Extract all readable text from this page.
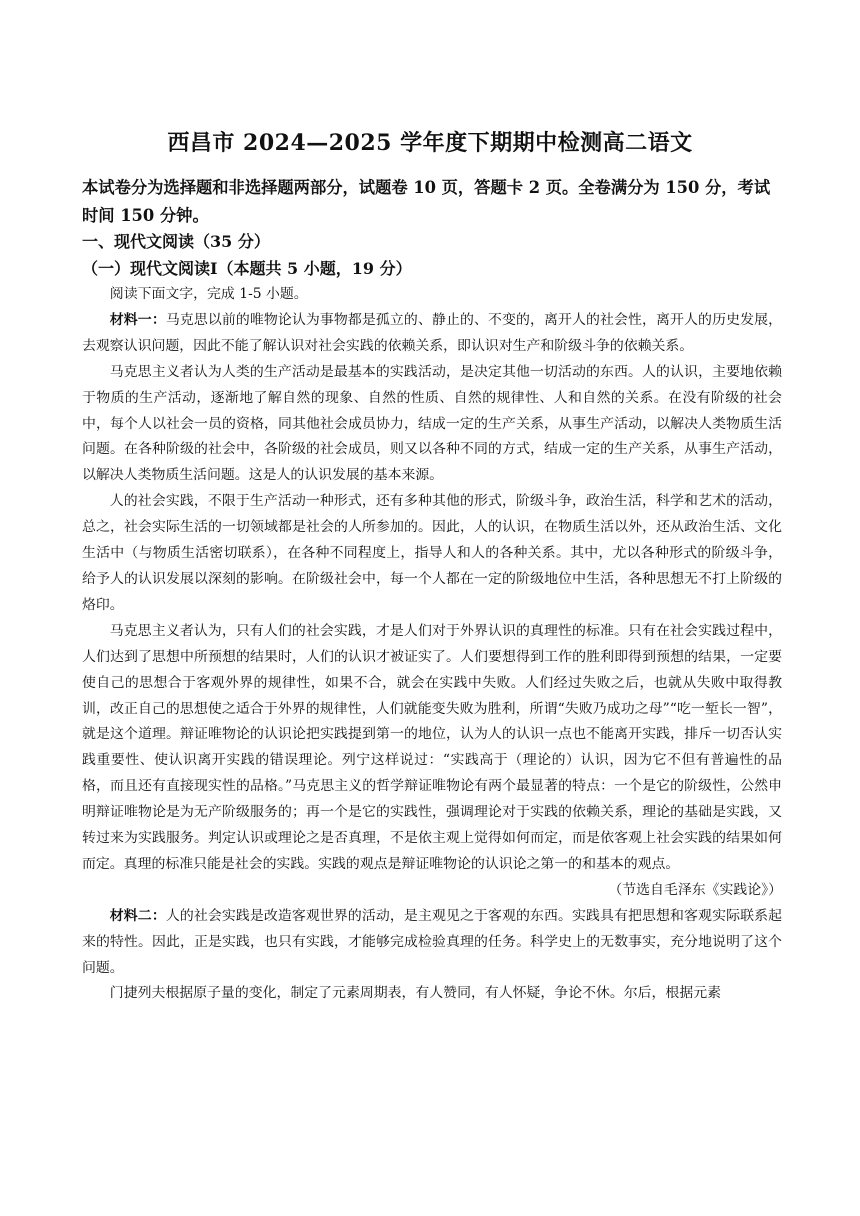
西昌市 2024—2025 学年度下期期中检测高二语文
本试卷分为选择题和非选择题两部分，试题卷 10 页，答题卡 2 页。全卷满分为 150 分，考试时间 150 分钟。
一、现代文阅读（35 分）
（一）现代文阅读Ⅰ（本题共 5 小题，19 分）

阅读下面文字，完成 1-5 小题。

材料一：马克思以前的唯物论认为事物都是孤立的、静止的、不变的，离开人的社会性，离开人的历史发展，去观察认识问题，因此不能了解认识对社会实践的依赖关系，即认识对生产和阶级斗争的依赖关系。

马克思主义者认为人类的生产活动是最基本的实践活动，是决定其他一切活动的东西。人的认识，主要地依赖于物质的生产活动，逐渐地了解自然的现象、自然的性质、自然的规律性、人和自然的关系。在没有阶级的社会中，每个人以社会一员的资格，同其他社会成员协力，结成一定的生产关系，从事生产活动，以解决人类物质生活问题。在各种阶级的社会中，各阶级的社会成员，则又以各种不同的方式，结成一定的生产关系，从事生产活动，以解决人类物质生活问题。这是人的认识发展的基本来源。

人的社会实践，不限于生产活动一种形式，还有多种其他的形式，阶级斗争，政治生活，科学和艺术的活动，总之，社会实际生活的一切领域都是社会的人所参加的。因此，人的认识，在物质生活以外，还从政治生活、文化生活中（与物质生活密切联系），在各种不同程度上，指导人和人的各种关系。其中，尤以各种形式的阶级斗争，给予人的认识发展以深刻的影响。在阶级社会中，每一个人都在一定的阶级地位中生活，各种思想无不打上阶级的烙印。

马克思主义者认为，只有人们的社会实践，才是人们对于外界认识的真理性的标准。只有在社会实践过程中，人们达到了思想中所预想的结果时，人们的认识才被证实了。人们要想得到工作的胜利即得到预想的结果，一定要使自己的思想合于客观外界的规律性，如果不合，就会在实践中失败。人们经过失败之后，也就从失败中取得教训，改正自己的思想使之适合于外界的规律性，人们就能变失败为胜利，所谓“失败乃成功之母”“吃一堑长一智”，就是这个道理。辩证唯物论的认识论把实践提到第一的地位，认为人的认识一点也不能离开实践，排斥一切否认实践重要性、使认识离开实践的错误理论。列宁这样说过：“实践高于（理论的）认识，因为它不但有普遍性的品格，而且还有直接现实性的品格。”马克思主义的哲学辩证唯物论有两个最显著的特点：一个是它的阶级性，公然申明辩证唯物论是为无产阶级服务的；再一个是它的实践性，强调理论对于实践的依赖关系，理论的基础是实践，又转过来为实践服务。判定认识或理论之是否真理，不是依主观上觉得如何而定，而是依客观上社会实践的结果如何而定。真理的标准只能是社会的实践。实践的观点是辩证唯物论的认识论之第一的和基本的观点。

（节选自毛泽东《实践论》）

材料二：人的社会实践是改造客观世界的活动，是主观见之于客观的东西。实践具有把思想和客观实际联系起来的特性。因此，正是实践，也只有实践，才能够完成检验真理的任务。科学史上的无数事实，充分地说明了这个问题。

门捷列夫根据原子量的变化，制定了元素周期表，有人赞同，有人怀疑，争论不休。尔后，根据元素
